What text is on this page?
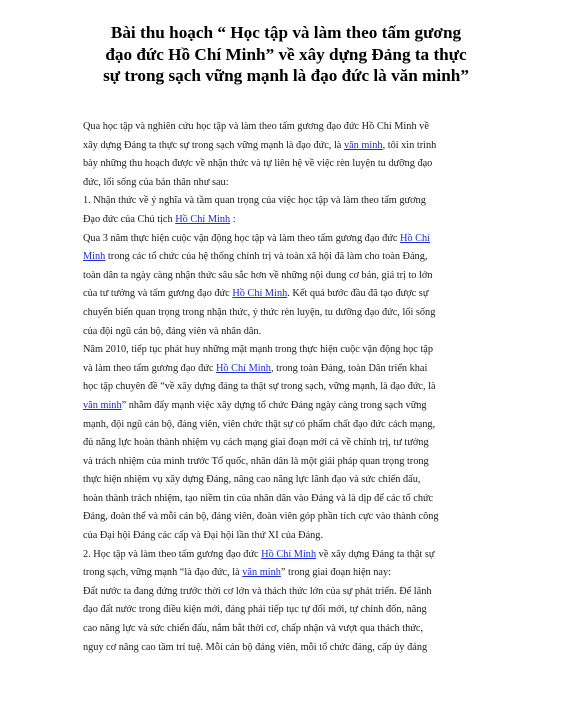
Bài thu hoạch “ Học tập và làm theo tấm gương
đạo đức Hồ Chí Minh” về xây dựng Đảng ta thực
sự trong sạch vững mạnh là đạo đức là văn minh”
Qua học tập và nghiên cứu học tập và làm theo tấm gương đạo đức Hồ Chí Minh về
xây dựng Đảng ta thực sự trong sạch vững mạnh là đạo đức, là văn minh, tôi xin trình
bày những thu hoạch được về nhận thức và tự liên hệ về việc rèn luyện tu dưỡng đạo
đức, lối sống của bản thân như sau:
1. Nhận thức về ý nghĩa và tầm quan trọng của việc học tập và làm theo tấm gương
Đạo đức của Chủ tịch Hồ Chí Minh :
Qua 3 năm thực hiện cuộc vận động học tập và làm theo tấm gương đạo đức Hồ Chí
Minh trong các tổ chức của hệ thống chính trị và toàn xã hội đã làm cho toàn Đảng,
toàn dân ta ngày càng nhận thức sâu sắc hơn về những nội dung cơ bản, giá trị to lớn
của tư tưởng và tấm gương đạo đức Hồ Chí Minh. Kết quả bước đầu đã tạo được sự
chuyển biến quan trọng trong nhận thức, ý thức rèn luyện, tu dưỡng đạo đức, lối sống
của đội ngũ cán bộ, đảng viên và nhân dân.
Năm 2010, tiếp tục phát huy những mặt mạnh trong thực hiện cuộc vận động học tập
và làm theo tấm gương đạo đức Hồ Chí Minh, trong toàn Đảng, toàn Dân triển khai
học tập chuyên đề “về xây dựng đảng ta thật sự trong sạch, vững mạnh, là đạo đức, là
văn minh” nhằm đẩy mạnh việc xây dựng tổ chức Đảng ngày càng trong sạch vững
mạnh, đội ngũ cán bộ, đảng viên, viên chức thật sự có phẩm chất đạo đức cách mạng,
đủ năng lực hoàn thành nhiệm vụ cách mạng giai đoạn mới cả về chính trị, tư tưởng
và trách nhiệm của mình trước Tổ quốc, nhân dân là một giải pháp quan trọng trong
thực hiện nhiệm vụ xây dựng Đảng, nâng cao năng lực lãnh đạo và sức chiến đấu,
hoàn thành trách nhiệm, tạo niềm tin của nhân dân vào Đảng và là dịp để các tổ chức
Đảng, đoàn thể và mỗi cán bộ, đảng viên, đoàn viên góp phần tích cực vào thành công
của Đại hội Đảng các cấp và Đại hội lần thứ XI của Đảng.
2. Học tập và làm theo tấm gương đạo đức Hồ Chí Minh về xây dựng Đảng ta thật sự
trong sạch, vững mạnh “là đạo đức, là văn minh” trong giai đoạn hiện nay:
Đất nước ta đang đứng trước thời cơ lớn và thách thức lớn của sự phát triển. Để lãnh
đạo đất nước trong điều kiện mới, đảng phải tiếp tục tự đổi mới, tự chỉnh đốn, nâng
cao năng lực và sức chiến đấu, nắm bắt thời cơ, chấp nhận và vượt qua thách thức,
nguy cơ nâng cao tầm trí tuệ. Mỗi cán bộ đảng viên, mỗi tổ chức đảng, cấp ủy đảng
